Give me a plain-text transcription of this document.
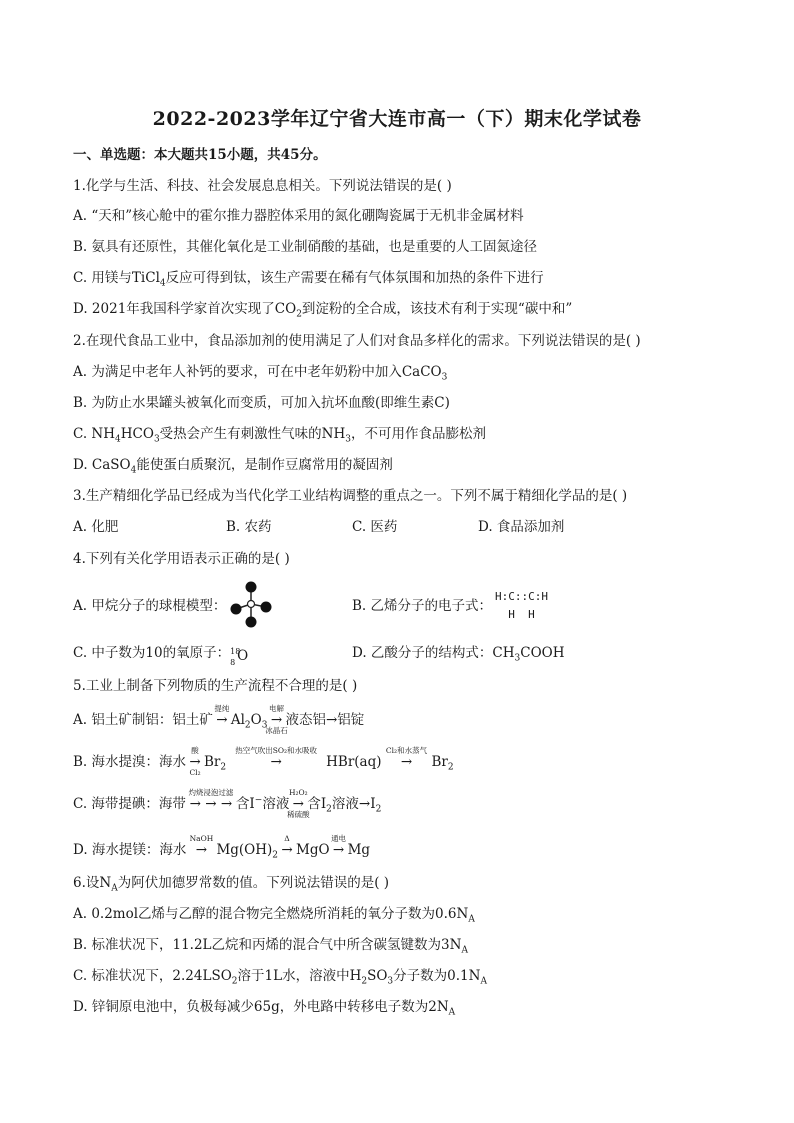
2022-2023学年辽宁省大连市高一（下）期末化学试卷
一、单选题：本大题共15小题，共45分。
1.化学与生活、科技、社会发展息息相关。下列说法错误的是( )
A. “天和”核心舱中的霍尔推力器腔体采用的氮化硼陶瓷属于无机非金属材料
B. 氨具有还原性，其催化氧化是工业制硝酸的基础，也是重要的人工固氮途径
C. 用镁与TiCl$_4$反应可得到钛，该生产需要在稀有气体氛围和加热的条件下进行
D. 2021年我国科学家首次实现了$CO_2$到淀粉的全合成，该技术有利于实现“碳中和”
2.在现代食品工业中，食品添加剂的使用满足了人们对食品多样化的需求。下列说法错误的是( )
A. 为满足中老年人补钙的要求，可在中老年奶粉中加入CaCO$_3$
B. 为防止水果罐头被氧化而变质，可加入抗坏血酸(即维生素C)
C. $NH_4HCO_3$受热会产生有刺激性气味的$NH_3$，不可用作食品膨松剂
D. CaSO$_4$能使蛋白质聚沉，是制作豆腐常用的凝固剂
3.生产精细化学品已经成为当代化学工业结构调整的重点之一。下列不属于精细化学品的是( )
A. 化肥	B. 农药	C. 医药	D. 食品添加剂
4.下列有关化学用语表示正确的是( )
A. 甲烷分子的球棍模型：	B. 乙烯分子的电子式：
H:C::C:H
H  H
C. 中子数为10的氧原子： 18
8 O	D. 乙酸分子的结构式：$CH_3COOH$
5.工业上制备下列物质的生产流程不合理的是( )
A. 铝土矿制铝：铝土矿
提纯
→ $Al_2O_3$
电解
→
冰晶石
液态铝→铝锭
B. 海水提溴：海水
酸
→
Cl₂
$Br_2$
热空气吹出SO₂和水吸收
→	HBr(aq)
Cl₂和水蒸气
→ $Br_2$
C. 海带提碘：海带
灼烧浸泡过滤
→ → → 含I−溶液
H₂O₂
→
稀硫酸
含$I_2$溶液$\to I_2$
D. 海水提镁：海水
NaOH
→ $Mg(OH)_2$
Δ
→ MgO
通电
→ Mg
6.设$N_A$为阿伏加德罗常数的值。下列说法错误的是( )
A. 0.2mol乙烯与乙醇的混合物完全燃烧所消耗的氧分子数为$0.6N_A$
B. 标准状况下，11.2L乙烷和丙烯的混合气中所含碳氢键数为$3N_A$
C. 标准状况下，$2.24LSO_2$溶于1L水，溶液中$H_2SO_3$分子数为$0.1N_A$
D. 锌铜原电池中，负极每减少65g，外电路中转移电子数为$2N_A$
